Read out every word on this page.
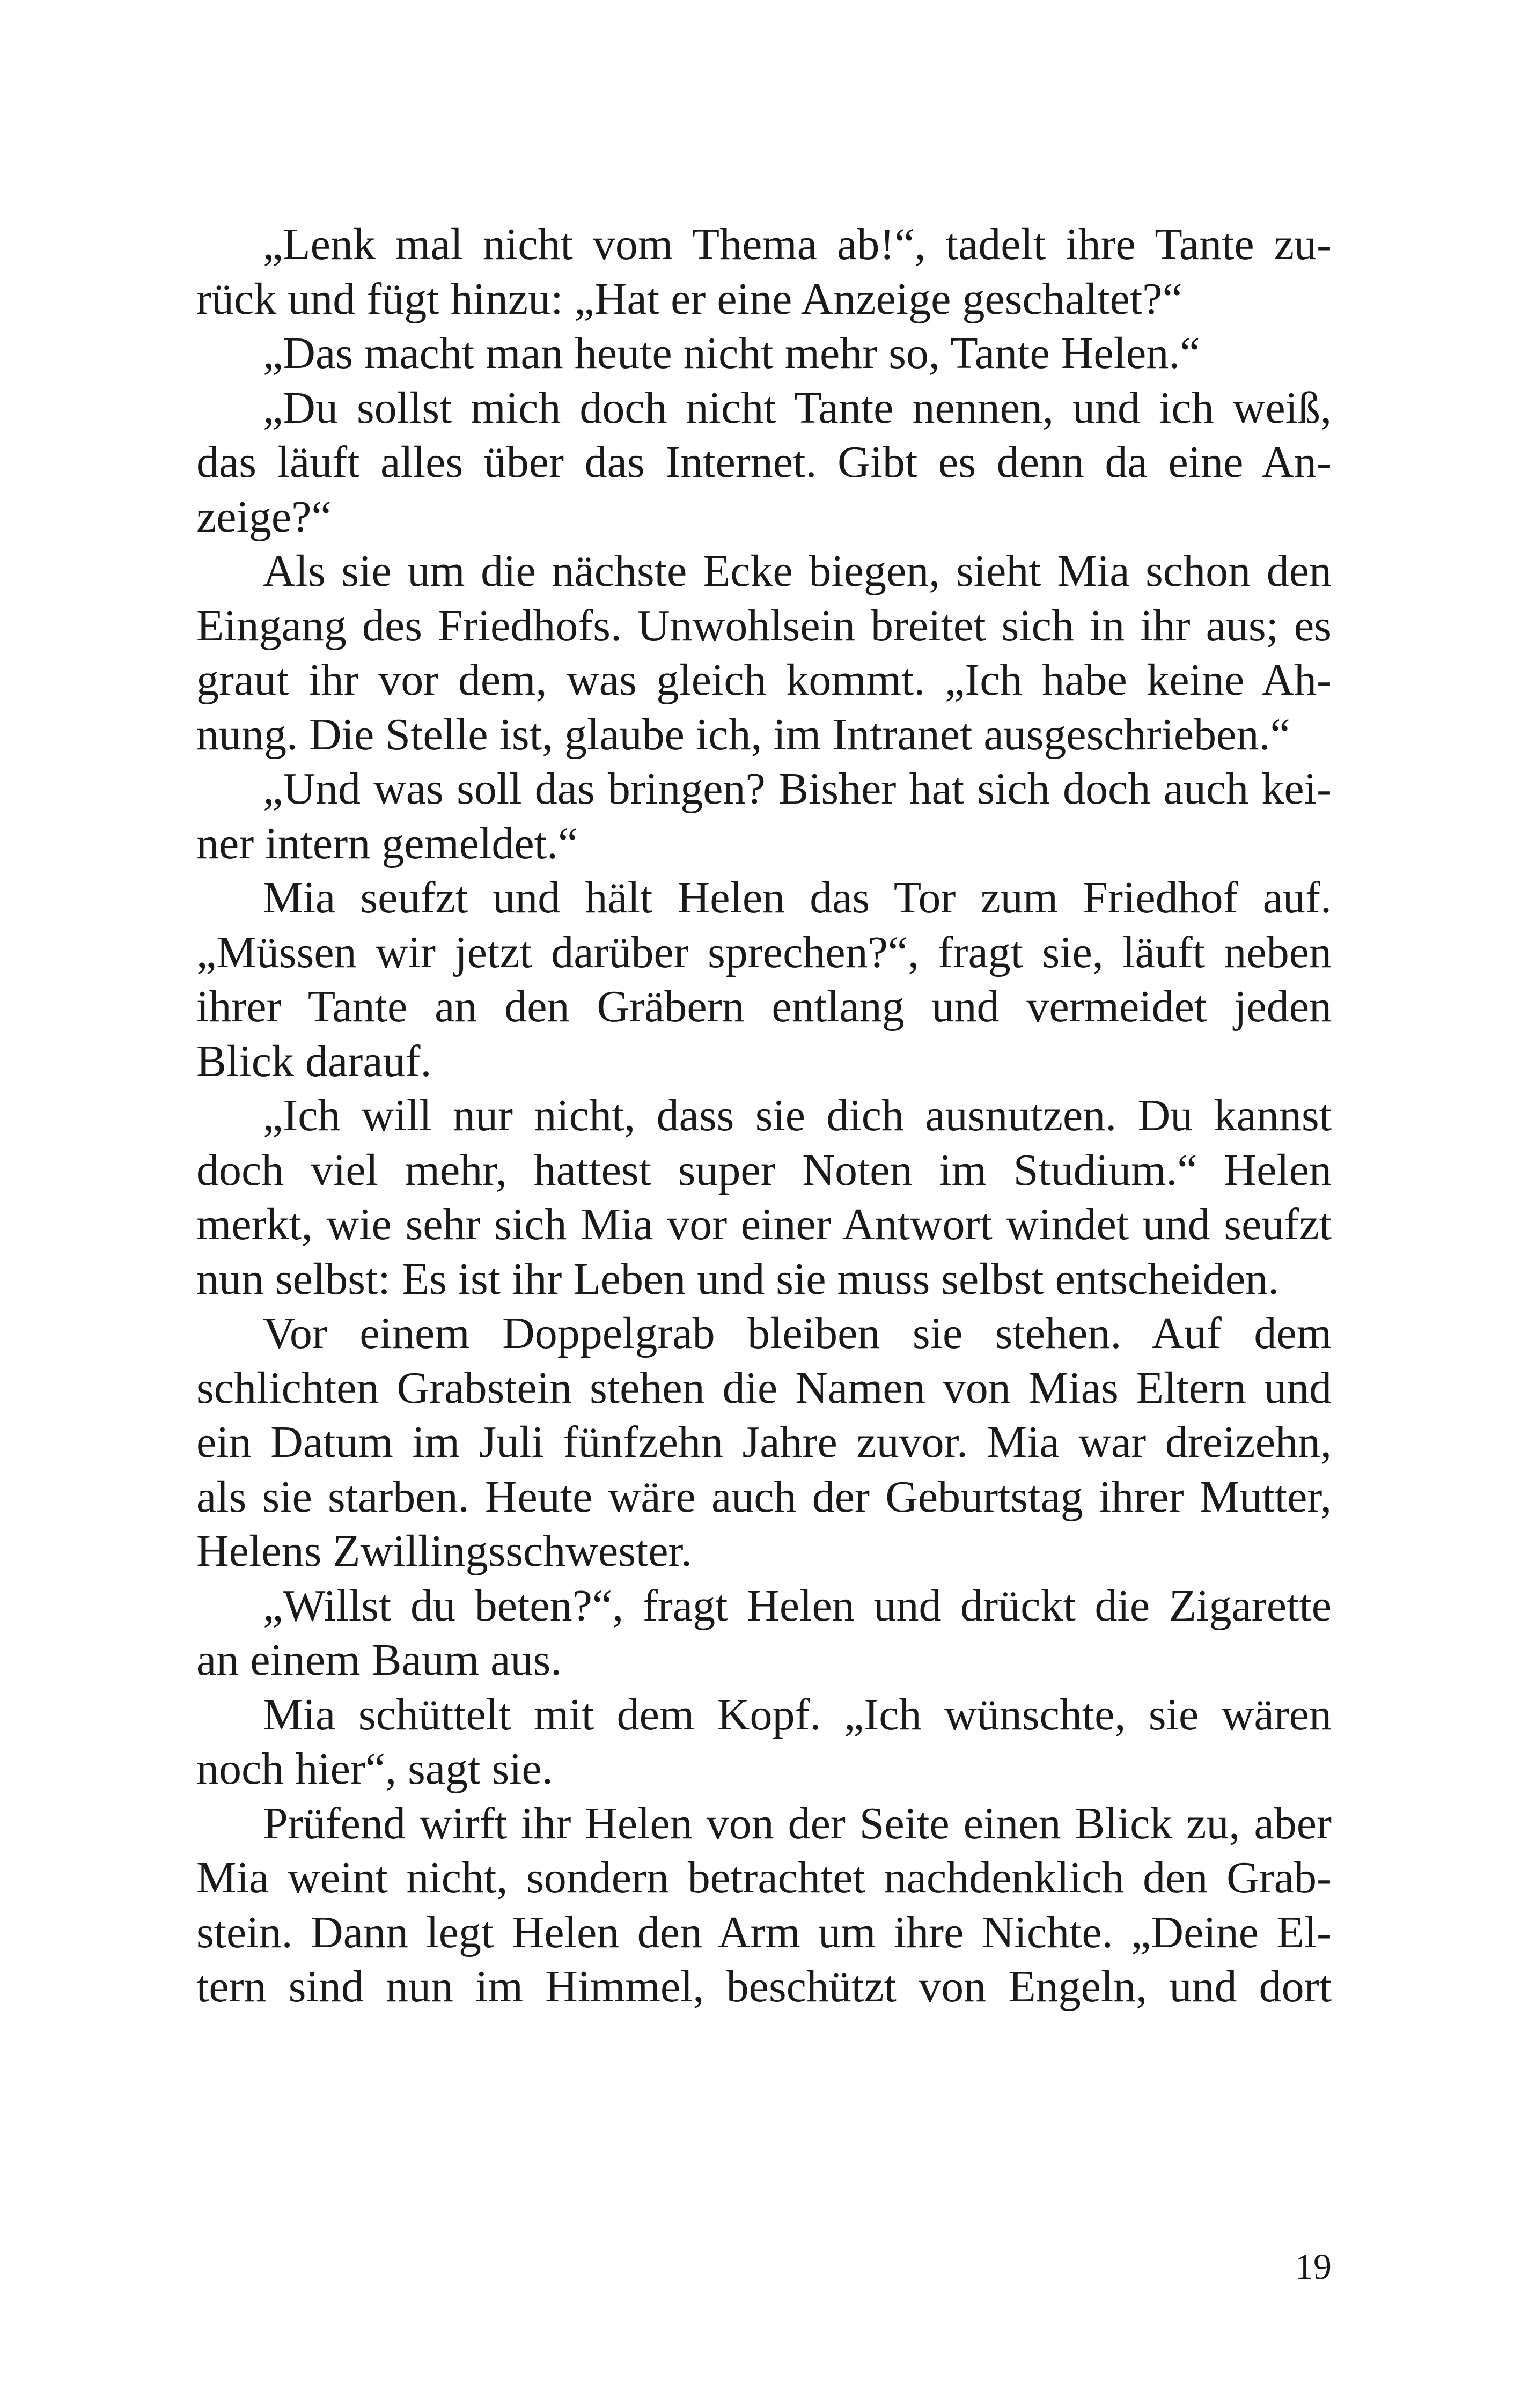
„Lenk mal nicht vom Thema ab!“, tadelt ihre Tante zu-
rück und fügt hinzu: „Hat er eine Anzeige geschaltet?“
„Das macht man heute nicht mehr so, Tante Helen.“
„Du sollst mich doch nicht Tante nennen, und ich weiß,
das läuft alles über das Internet. Gibt es denn da eine An-
zeige?“
Als sie um die nächste Ecke biegen, sieht Mia schon den
Eingang des Friedhofs. Unwohlsein breitet sich in ihr aus; es
graut ihr vor dem, was gleich kommt. „Ich habe keine Ah-
nung. Die Stelle ist, glaube ich, im Intranet ausgeschrieben.“
„Und was soll das bringen? Bisher hat sich doch auch kei-
ner intern gemeldet.“
Mia seufzt und hält Helen das Tor zum Friedhof auf.
„Müssen wir jetzt darüber sprechen?“, fragt sie, läuft neben
ihrer Tante an den Gräbern entlang und vermeidet jeden
Blick darauf.
„Ich will nur nicht, dass sie dich ausnutzen. Du kannst
doch viel mehr, hattest super Noten im Studium.“ Helen
merkt, wie sehr sich Mia vor einer Antwort windet und seufzt
nun selbst: Es ist ihr Leben und sie muss selbst entscheiden.
Vor einem Doppelgrab bleiben sie stehen. Auf dem
schlichten Grabstein stehen die Namen von Mias Eltern und
ein Datum im Juli fünfzehn Jahre zuvor. Mia war dreizehn,
als sie starben. Heute wäre auch der Geburtstag ihrer Mutter,
Helens Zwillingsschwester.
„Willst du beten?“, fragt Helen und drückt die Zigarette
an einem Baum aus.
Mia schüttelt mit dem Kopf. „Ich wünschte, sie wären
noch hier“, sagt sie.
Prüfend wirft ihr Helen von der Seite einen Blick zu, aber
Mia weint nicht, sondern betrachtet nachdenklich den Grab-
stein. Dann legt Helen den Arm um ihre Nichte. „Deine El-
tern sind nun im Himmel, beschützt von Engeln, und dort
19
